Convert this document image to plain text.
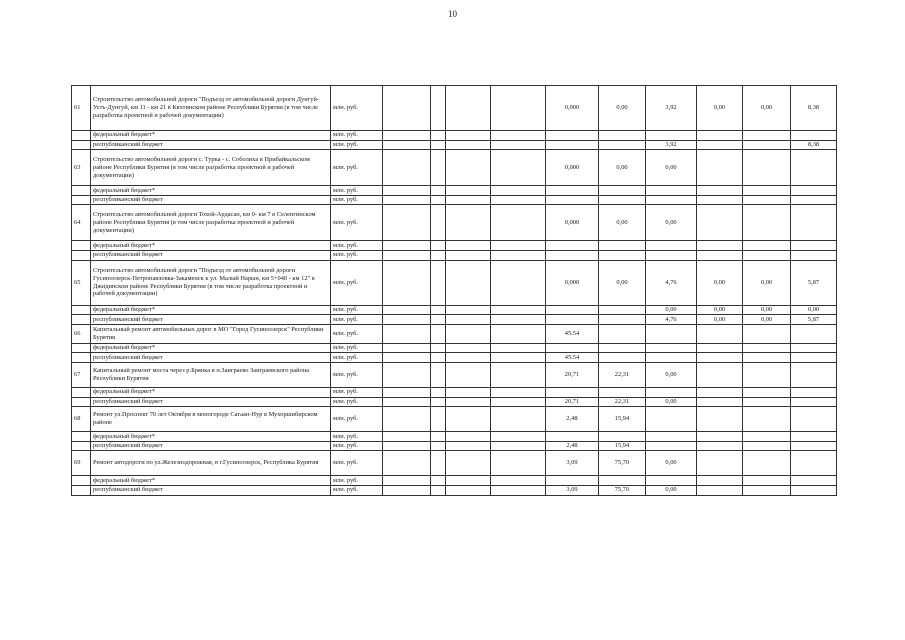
10
61	Строительство автомобильной дороги "Подъезд от автомобильной дороги Дунгуй-Усть-Дунгуй, км 11 - км 21 в Кяхтинском районе Республики Бурятия (в том числе разработка проектной и рабочей документации)	млн. руб.					0,000	0,00	3,92	0,00	0,00	8,38
	федеральный бюджет*	млн. руб.										
	республиканский бюджет	млн. руб.							3,92			8,38
63	Строительство автомобильной дороги с. Турка - с. Соболиха в Прибайкальском районе Республики Бурятия (в том числе разработка проектной и рабочей документации)	млн. руб.					0,000	0,00	0,00			
	федеральный бюджет*	млн. руб.										
	республиканский бюджет	млн. руб.										
64	Строительство автомобильной дороги Тохой-Ардасан, км 0- км 7 в Селенгинском районе Республики Бурятия (в том числе разработка проектной и рабочей документации)	млн. руб.					0,000	0,00	0,00			
	федеральный бюджет*	млн. руб.										
	республиканский бюджет	млн. руб.										
65	Строительство автомобильной дороги "Подъезд от автомобильной дороги Гусиноозерск-Петропавловка-Закаменск к ул. Малый Нарын, км 5+040 - км 12" в Джидинском районе Республики Бурятия (в том числе разработка проектной и рабочей документации)	млн. руб.					0,000	0,00	4,76	0,00	0,00	5,87
	федеральный бюджет*	млн. руб.							0,00	0,00	0,00	0,00
	республиканский бюджет	млн. руб.							4,76	0,00	0,00	5,87
66	Капитальный ремонт автомобильных дорог в МО "Город Гусиноозерск" Республики Бурятия	млн. руб.					45.54					
	федеральный бюджет*	млн. руб.										
	республиканский бюджет	млн. руб.					45.54					
67	Капитальный ремонт моста через р.Брянка в п.Заиграево Заиграевского района Республики Бурятия	млн. руб.					20,71	22,31	0,00			
	федеральный бюджет*	млн. руб.										
	республиканский бюджет	млн. руб.					20,71	22,31	0,00			
68	Ремонт ул.Проспект 70 лет Октября в моногороде Сагаан-Нур в Мухоршибирском районе	млн. руб.					2,48	15,94				
	федеральный бюджет*	млн. руб.										
	республиканский бюджет	млн. руб.					2,48	15,94				
69	Ремонт автодороги по ул.Железнодорожная, в г.Гусиноозерск, Республика Бурятия	млн. руб.					3,09	75,70	0,00			
	федеральный бюджет*	млн. руб.										
	республиканский бюджет	млн. руб.					3,09	75,70	0,00			
